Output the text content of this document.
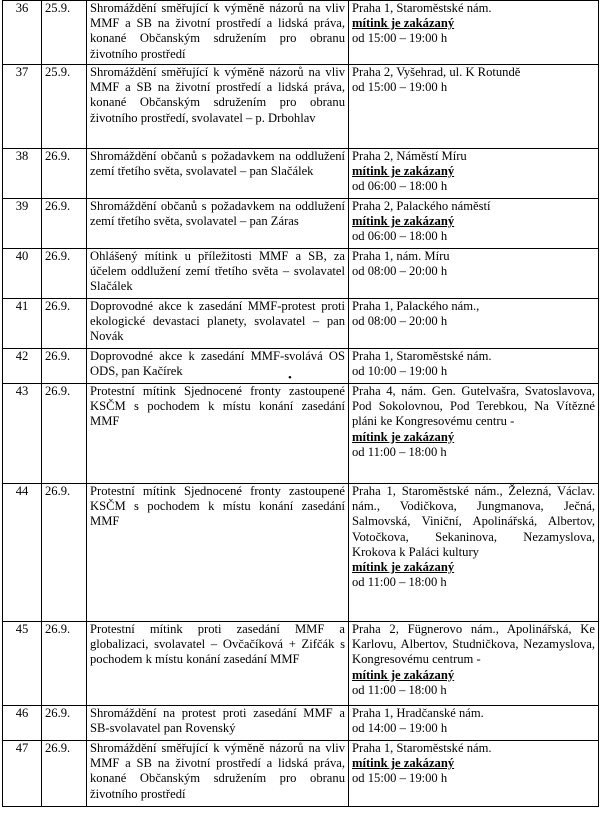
36	25.9.	Shromáždění směřující k výměně názorů na vliv MMF a SB na životní prostředí a lidská práva, konané Občanským sdružením pro obranu životního prostředí	Praha 1, Staroměstské nám.
mítink je zakázaný
od 15:00 – 19:00 h

37	25.9.	Shromáždění směřující k výměně názorů na vliv MMF a SB na životní prostředí a lidská práva, konané Občanským sdružením pro obranu životního prostředí, svolavatel – p. Drbohlav	Praha 2, Vyšehrad, ul. K Rotundě
od 15:00 – 19:00 h

38	26.9.	Shromáždění občanů s požadavkem na oddlužení zemí třetího světa, svolavatel – pan Slačálek	Praha 2, Náměstí Míru
mítink je zakázaný
od 06:00 – 18:00 h

39	26.9.	Shromáždění občanů s požadavkem na oddlužení zemí třetího světa, svolavatel – pan Záras	Praha 2, Palackého náměstí
mítink je zakázaný
od 06:00 – 18:00 h

40	26.9.	Ohlášený mítink u příležitosti MMF a SB, za účelem oddlužení zemí třetího světa – svolavatel Slačálek	Praha 1, nám. Míru
od 08:00 – 20:00 h

41	26.9.	Doprovodné akce k zasedání MMF-protest proti ekologické devastaci planety, svolavatel – pan Novák	Praha 1, Palackého nám.,
od 08:00 – 20:00 h

42	26.9.	Doprovodné akce k zasedání MMF-svolává OS ODS, pan Kačírek	Praha 1, Staroměstské nám.
od 10:00 – 19:00 h

43	26.9.	Protestní mítink Sjednocené fronty zastoupené KSČM s pochodem k místu konání zasedání MMF	Praha 4, nám. Gen. Gutelvašra, Svatoslavova, Pod Sokolovnou, Pod Terebkou, Na Vítězné pláni ke Kongresovému centru -
mítink je zakázaný
od 11:00 – 18:00 h

44	26.9.	Protestní mítink Sjednocené fronty zastoupené KSČM s pochodem k místu konání zasedání MMF	Praha 1, Staroměstské nám., Železná, Václav. nám., Vodičkova, Jungmanova, Ječná, Salmovská, Viniční, Apolinářská, Albertov, Votočkova, Sekaninova, Nezamyslova, Krokova k Paláci kultury
mítink je zakázaný
od 11:00 – 18:00 h

45	26.9.	Protestní mítink proti zasedání MMF a globalizaci, svolavatel – Ovčačíková + Zifčák s pochodem k místu konání zasedání MMF	Praha 2, Fügnerovo nám., Apolinářská, Ke Karlovu, Albertov, Studničkova, Nezamyslova, Kongresovému centrum -
mítink je zakázaný
od 11:00 – 18:00 h

46	26.9.	Shromáždění na protest proti zasedání MMF a SB-svolavatel pan Rovenský	Praha 1, Hradčanské nám.
od 14:00 – 19:00 h

47	26.9.	Shromáždění směřující k výměně názorů na vliv MMF a SB na životní prostředí a lidská práva, konané Občanským sdružením pro obranu životního prostředí	Praha 1, Staroměstské nám.
mítink je zakázaný
od 15:00 – 19:00 h
•
